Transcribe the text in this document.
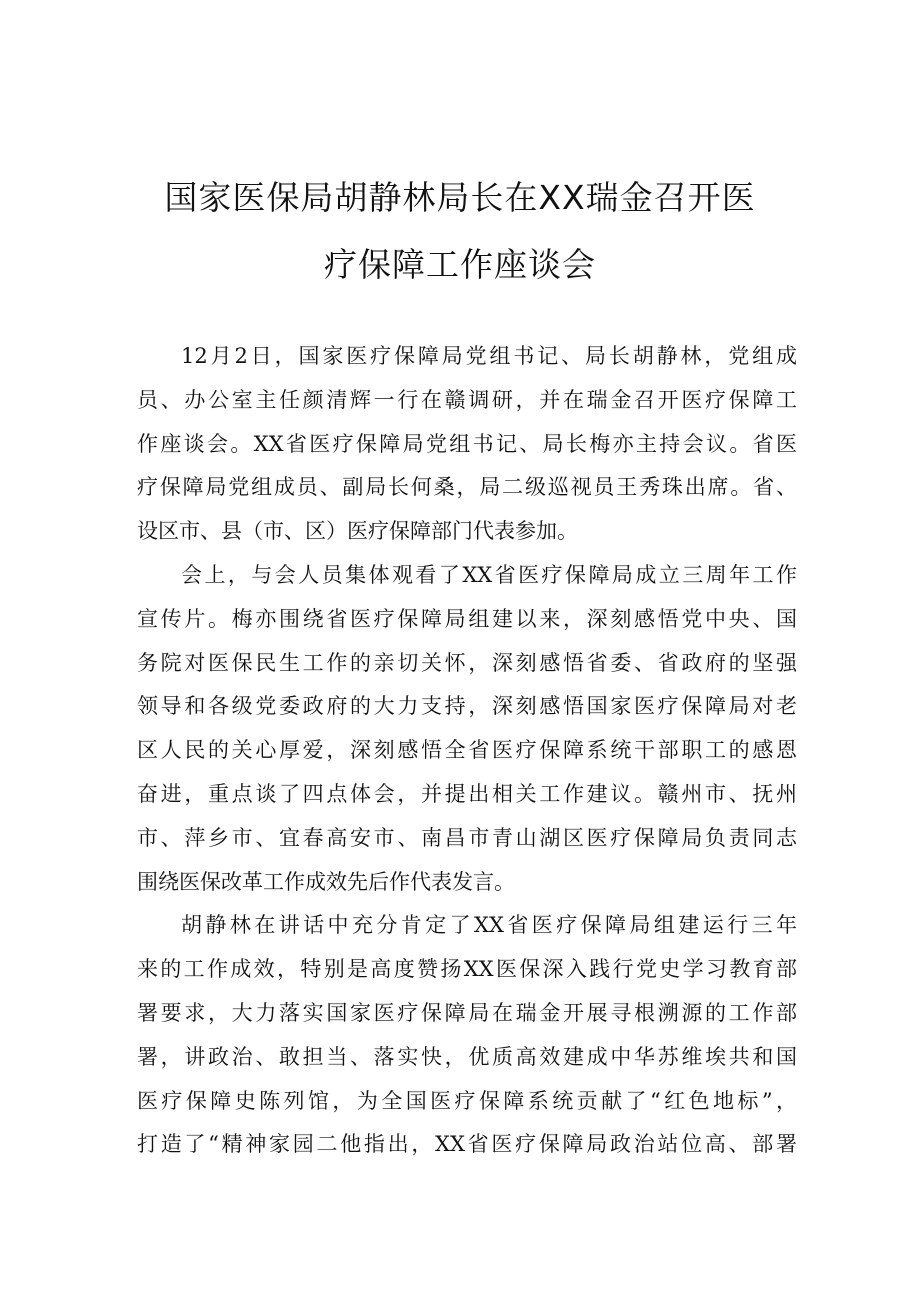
国家医保局胡静林局长在XX瑞金召开医
疗保障工作座谈会
12月2日，国家医疗保障局党组书记、局长胡静林，党组成
员、办公室主任颜清辉一行在赣调研，并在瑞金召开医疗保障工
作座谈会。XX省医疗保障局党组书记、局长梅亦主持会议。省医
疗保障局党组成员、副局长何桑，局二级巡视员王秀珠出席。省、
设区市、县（市、区）医疗保障部门代表参加。
会上，与会人员集体观看了XX省医疗保障局成立三周年工作
宣传片。梅亦围绕省医疗保障局组建以来，深刻感悟党中央、国
务院对医保民生工作的亲切关怀，深刻感悟省委、省政府的坚强
领导和各级党委政府的大力支持，深刻感悟国家医疗保障局对老
区人民的关心厚爱，深刻感悟全省医疗保障系统干部职工的感恩
奋进，重点谈了四点体会，并提出相关工作建议。赣州市、抚州
市、萍乡市、宜春高安市、南昌市青山湖区医疗保障局负责同志
围绕医保改革工作成效先后作代表发言。
胡静林在讲话中充分肯定了XX省医疗保障局组建运行三年
来的工作成效，特别是高度赞扬XX医保深入践行党史学习教育部
署要求，大力落实国家医疗保障局在瑞金开展寻根溯源的工作部
署，讲政治、敢担当、落实快，优质高效建成中华苏维埃共和国
医疗保障史陈列馆，为全国医疗保障系统贡献了“红色地标”，
打造了“精神家园二他指出，XX省医疗保障局政治站位高、部署
